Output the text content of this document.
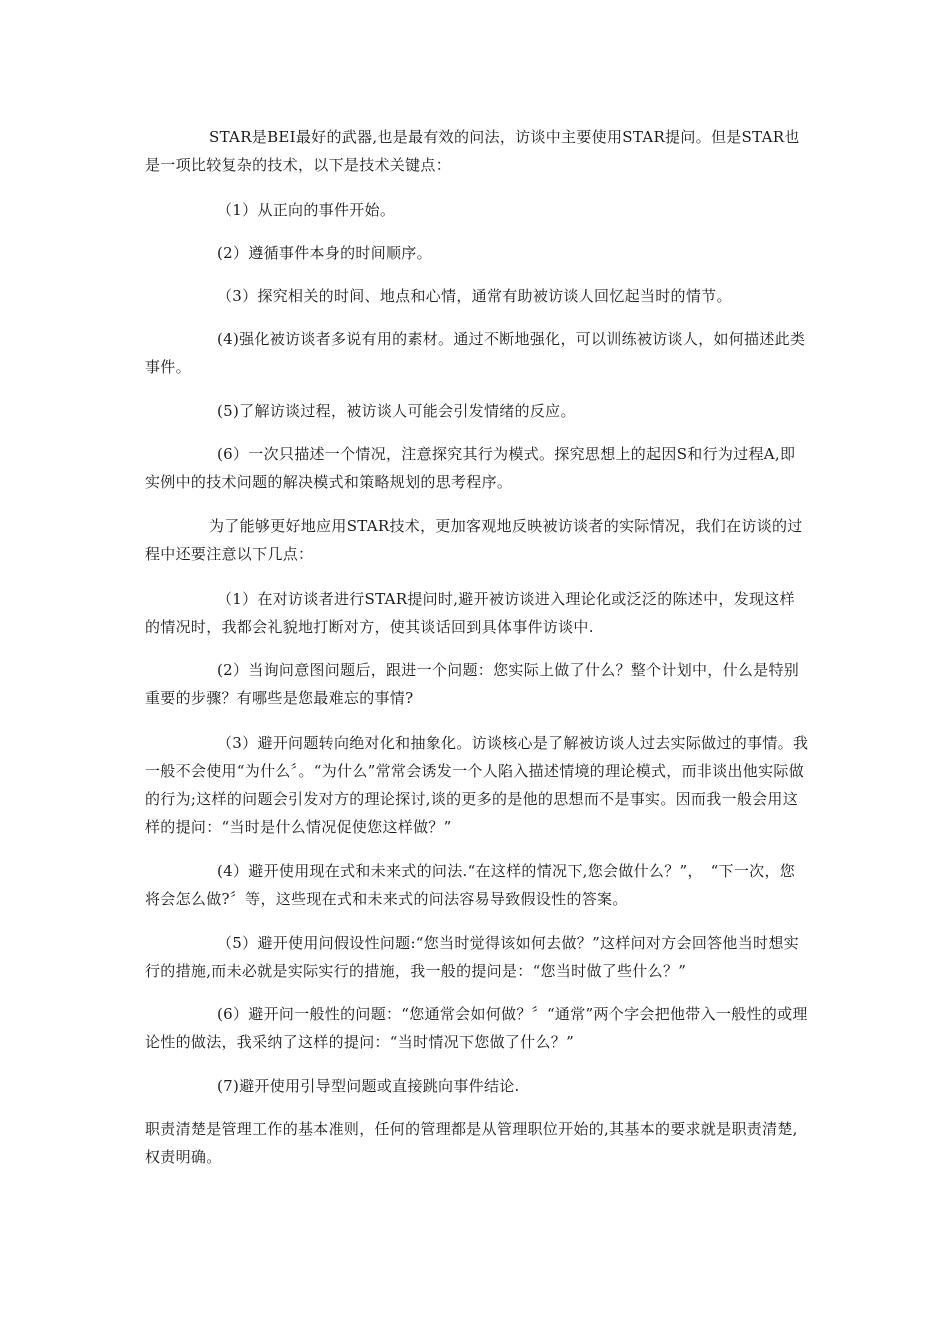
STAR是BEI最好的武器,也是最有效的问法，访谈中主要使用STAR提问。但是STAR也是一项比较复杂的技术，以下是技术关键点：

（1）从正向的事件开始。

(2）遵循事件本身的时间顺序。

（3）探究相关的时间、地点和心情，通常有助被访谈人回忆起当时的情节。

(4)强化被访谈者多说有用的素材。通过不断地强化，可以训练被访谈人，如何描述此类事件。

(5)了解访谈过程，被访谈人可能会引发情绪的反应。

(6）一次只描述一个情况，注意探究其行为模式。探究思想上的起因S和行为过程A,即实例中的技术问题的解决模式和策略规划的思考程序。

为了能够更好地应用STAR技术，更加客观地反映被访谈者的实际情况，我们在访谈的过程中还要注意以下几点：

（1）在对访谈者进行STAR提问时,避开被访谈进入理论化或泛泛的陈述中，发现这样的情况时，我都会礼貌地打断对方，使其谈话回到具体事件访谈中.

(2）当询问意图问题后，跟进一个问题：您实际上做了什么？整个计划中，什么是特别重要的步骤？有哪些是您最难忘的事情?

（3）避开问题转向绝对化和抽象化。访谈核心是了解被访谈人过去实际做过的事情。我一般不会使用“为什么〞。“为什么”常常会诱发一个人陷入描述情境的理论模式，而非谈出他实际做的行为;这样的问题会引发对方的理论探讨,谈的更多的是他的思想而不是事实。因而我一般会用这样的提问：“当时是什么情况促使您这样做？”

(4）避开使用现在式和未来式的问法.“在这样的情况下,您会做什么？”，　“下一次，您将会怎么做?〞等，这些现在式和未来式的问法容易导致假设性的答案。

（5）避开使用问假设性问题:“您当时觉得该如何去做？”这样问对方会回答他当时想实行的措施,而未必就是实际实行的措施，我一般的提问是：“您当时做了些什么？”

(6）避开问一般性的问题：“您通常会如何做？〞“通常”两个字会把他带入一般性的或理论性的做法，我采纳了这样的提问：“当时情况下您做了什么？”

(7)避开使用引导型问题或直接跳向事件结论.

职责清楚是管理工作的基本准则，任何的管理都是从管理职位开始的,其基本的要求就是职责清楚,权责明确。
